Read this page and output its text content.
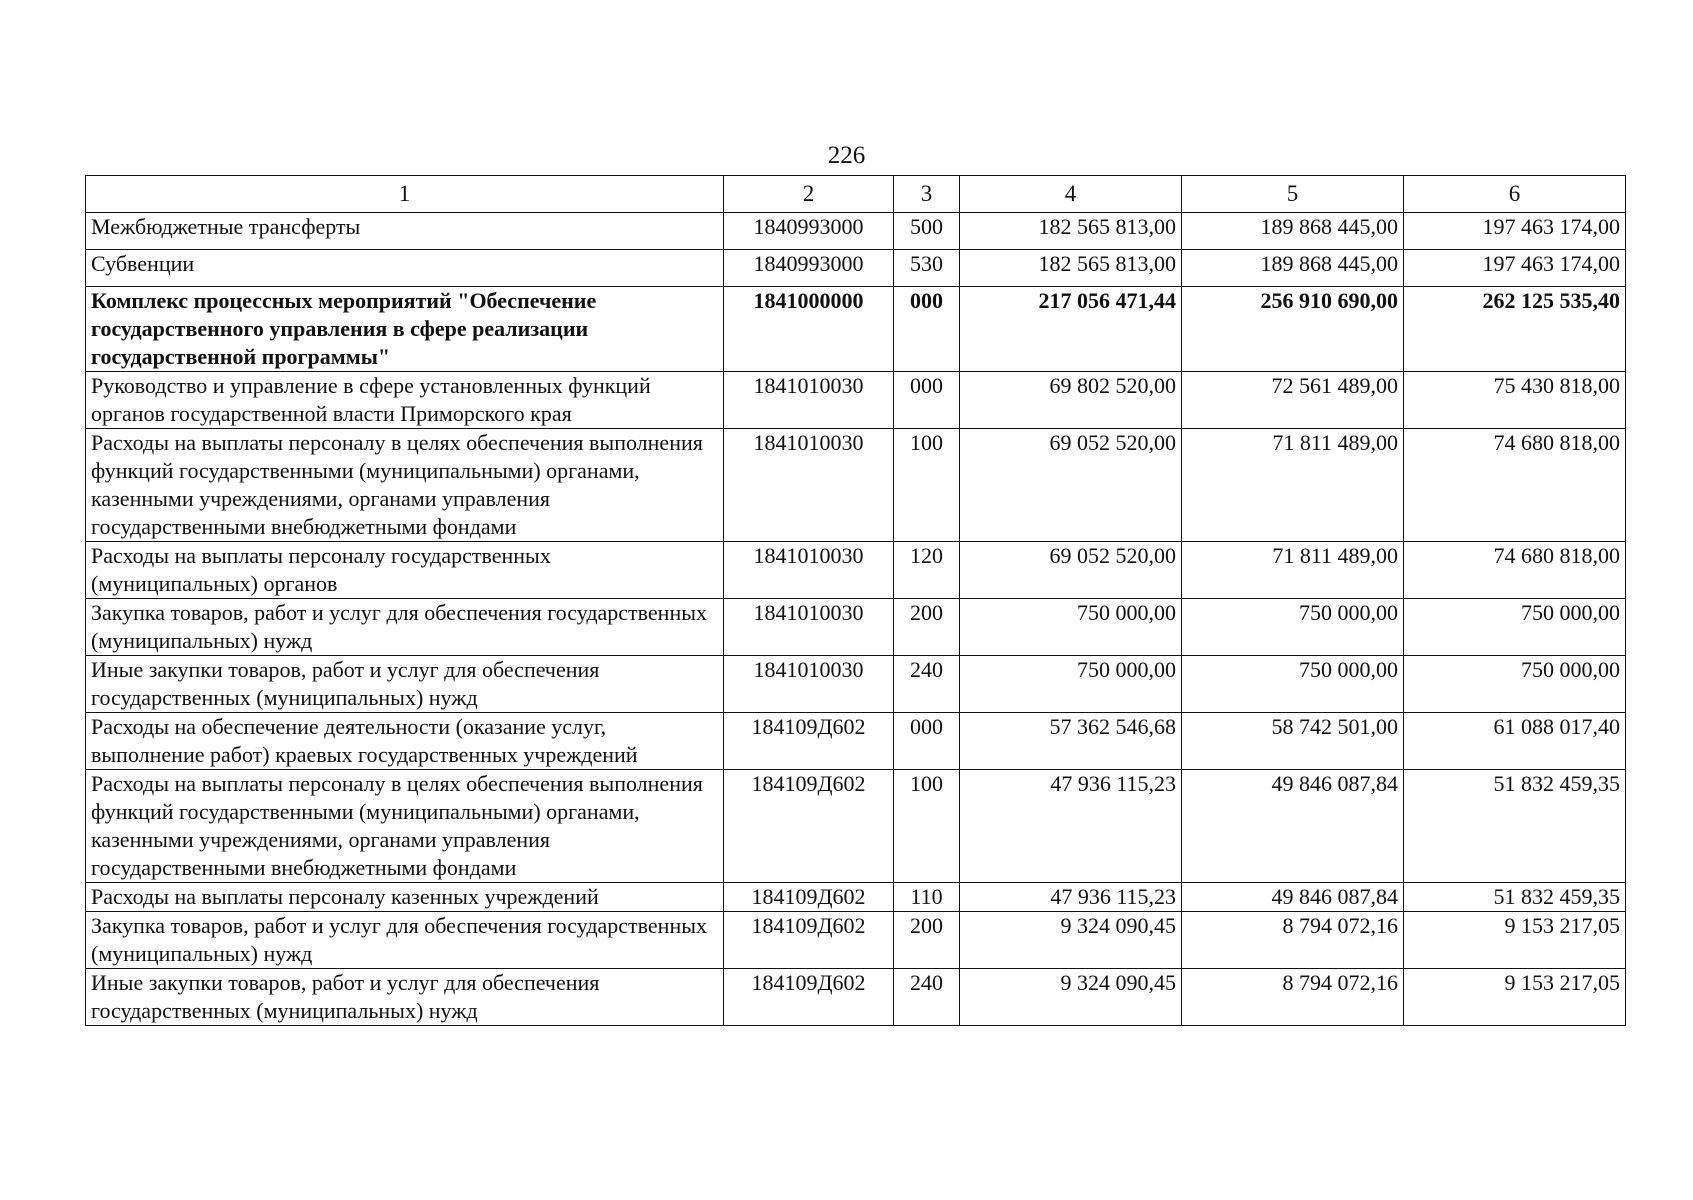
226
1	2	3	4	5	6
Межбюджетные трансферты	1840993000	500	182 565 813,00	189 868 445,00	197 463 174,00
Субвенции	1840993000	530	182 565 813,00	189 868 445,00	197 463 174,00
Комплекс процессных мероприятий "Обеспечение государственного управления в сфере реализации государственной программы"	1841000000	000	217 056 471,44	256 910 690,00	262 125 535,40
Руководство и управление в сфере установленных функций органов государственной власти Приморского края	1841010030	000	69 802 520,00	72 561 489,00	75 430 818,00
Расходы на выплаты персоналу в целях обеспечения выполнения функций государственными (муниципальными) органами, казенными учреждениями, органами управления государственными внебюджетными фондами	1841010030	100	69 052 520,00	71 811 489,00	74 680 818,00
Расходы на выплаты персоналу государственных (муниципальных) органов	1841010030	120	69 052 520,00	71 811 489,00	74 680 818,00
Закупка товаров, работ и услуг для обеспечения государственных (муниципальных) нужд	1841010030	200	750 000,00	750 000,00	750 000,00
Иные закупки товаров, работ и услуг для обеспечения государственных (муниципальных) нужд	1841010030	240	750 000,00	750 000,00	750 000,00
Расходы на обеспечение деятельности (оказание услуг, выполнение работ) краевых государственных учреждений	184109Д602	000	57 362 546,68	58 742 501,00	61 088 017,40
Расходы на выплаты персоналу в целях обеспечения выполнения функций государственными (муниципальными) органами, казенными учреждениями, органами управления государственными внебюджетными фондами	184109Д602	100	47 936 115,23	49 846 087,84	51 832 459,35
Расходы на выплаты персоналу казенных учреждений	184109Д602	110	47 936 115,23	49 846 087,84	51 832 459,35
Закупка товаров, работ и услуг для обеспечения государственных (муниципальных) нужд	184109Д602	200	9 324 090,45	8 794 072,16	9 153 217,05
Иные закупки товаров, работ и услуг для обеспечения государственных (муниципальных) нужд	184109Д602	240	9 324 090,45	8 794 072,16	9 153 217,05
